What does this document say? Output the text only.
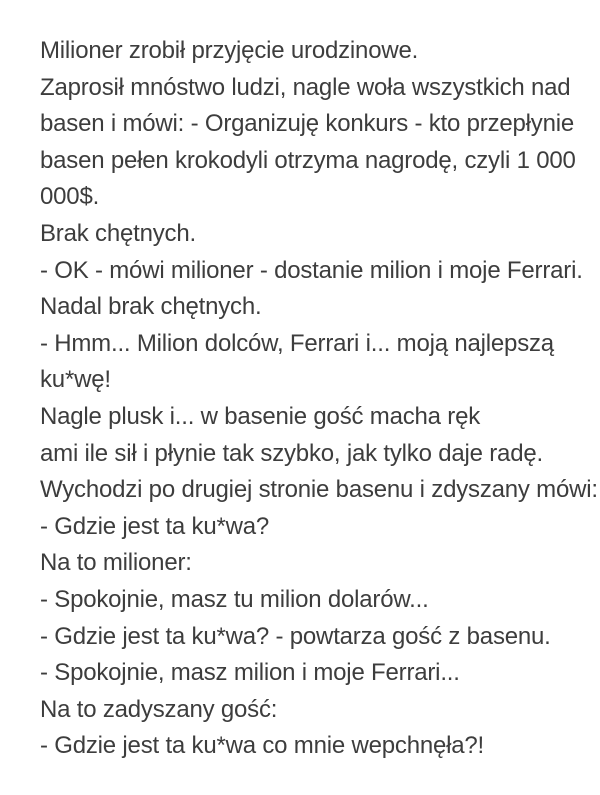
Milioner zrobił przyjęcie urodzinowe.

Zaprosił mnóstwo ludzi, nagle woła wszystkich nad

basen i mówi: - Organizuję konkurs - kto przepłynie

basen pełen krokodyli otrzyma nagrodę, czyli 1 000

000$.

Brak chętnych.

- OK - mówi milioner - dostanie milion i moje Ferrari.

Nadal brak chętnych.

- Hmm... Milion dolców, Ferrari i... moją najlepszą

ku*wę!

Nagle plusk i... w basenie gość macha ręk

ami ile sił i płynie tak szybko, jak tylko daje radę.

Wychodzi po drugiej stronie basenu i zdyszany mówi:

- Gdzie jest ta ku*wa?

Na to milioner:

- Spokojnie, masz tu milion dolarów...

- Gdzie jest ta ku*wa? - powtarza gość z basenu.

- Spokojnie, masz milion i moje Ferrari...

Na to zadyszany gość:

- Gdzie jest ta ku*wa co mnie wepchnęła?!
